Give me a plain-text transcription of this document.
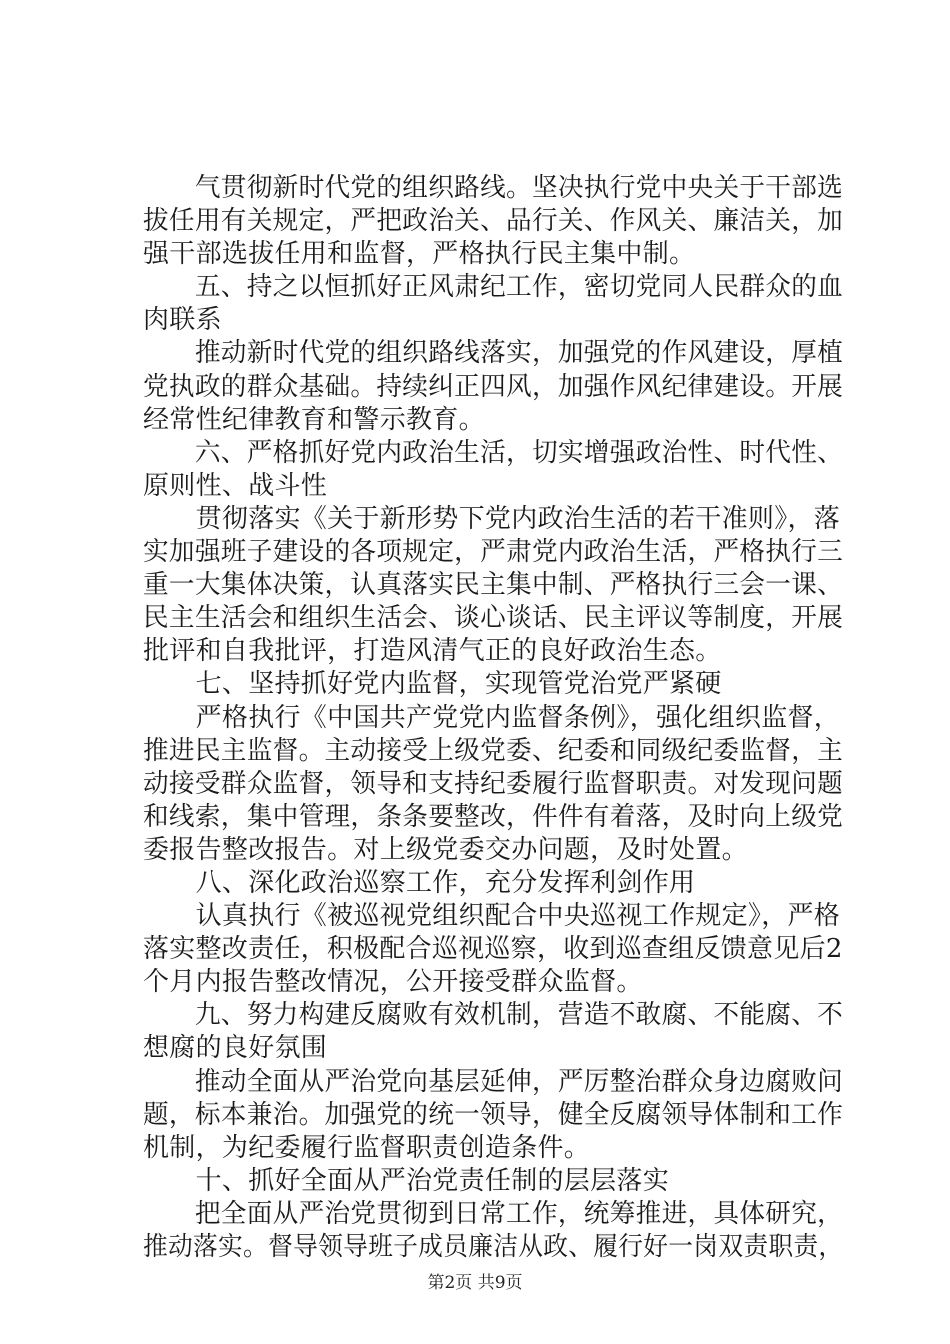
　　气贯彻新时代党的组织路线。坚决执行党中央关于干部选
拔任用有关规定，严把政治关、品行关、作风关、廉洁关，加
强干部选拔任用和监督，严格执行民主集中制。
　　五、持之以恒抓好正风肃纪工作，密切党同人民群众的血
肉联系
　　推动新时代党的组织路线落实，加强党的作风建设，厚植
党执政的群众基础。持续纠正四风，加强作风纪律建设。开展
经常性纪律教育和警示教育。
　　六、严格抓好党内政治生活，切实增强政治性、时代性、
原则性、战斗性
　　贯彻落实《关于新形势下党内政治生活的若干准则》，落
实加强班子建设的各项规定，严肃党内政治生活，严格执行三
重一大集体决策，认真落实民主集中制、严格执行三会一课、
民主生活会和组织生活会、谈心谈话、民主评议等制度，开展
批评和自我批评，打造风清气正的良好政治生态。
　　七、坚持抓好党内监督，实现管党治党严紧硬
　　严格执行《中国共产党党内监督条例》，强化组织监督，
推进民主监督。主动接受上级党委、纪委和同级纪委监督，主
动接受群众监督，领导和支持纪委履行监督职责。对发现问题
和线索，集中管理，条条要整改，件件有着落，及时向上级党
委报告整改报告。对上级党委交办问题，及时处置。
　　八、深化政治巡察工作，充分发挥利剑作用
　　认真执行《被巡视党组织配合中央巡视工作规定》，严格
落实整改责任，积极配合巡视巡察，收到巡查组反馈意见后2
个月内报告整改情况，公开接受群众监督。
　　九、努力构建反腐败有效机制，营造不敢腐、不能腐、不
想腐的良好氛围
　　推动全面从严治党向基层延伸，严厉整治群众身边腐败问
题，标本兼治。加强党的统一领导，健全反腐领导体制和工作
机制，为纪委履行监督职责创造条件。
　　十、抓好全面从严治党责任制的层层落实
　　把全面从严治党贯彻到日常工作，统筹推进，具体研究，
推动落实。督导领导班子成员廉洁从政、履行好一岗双责职责，
第2页 共9页
